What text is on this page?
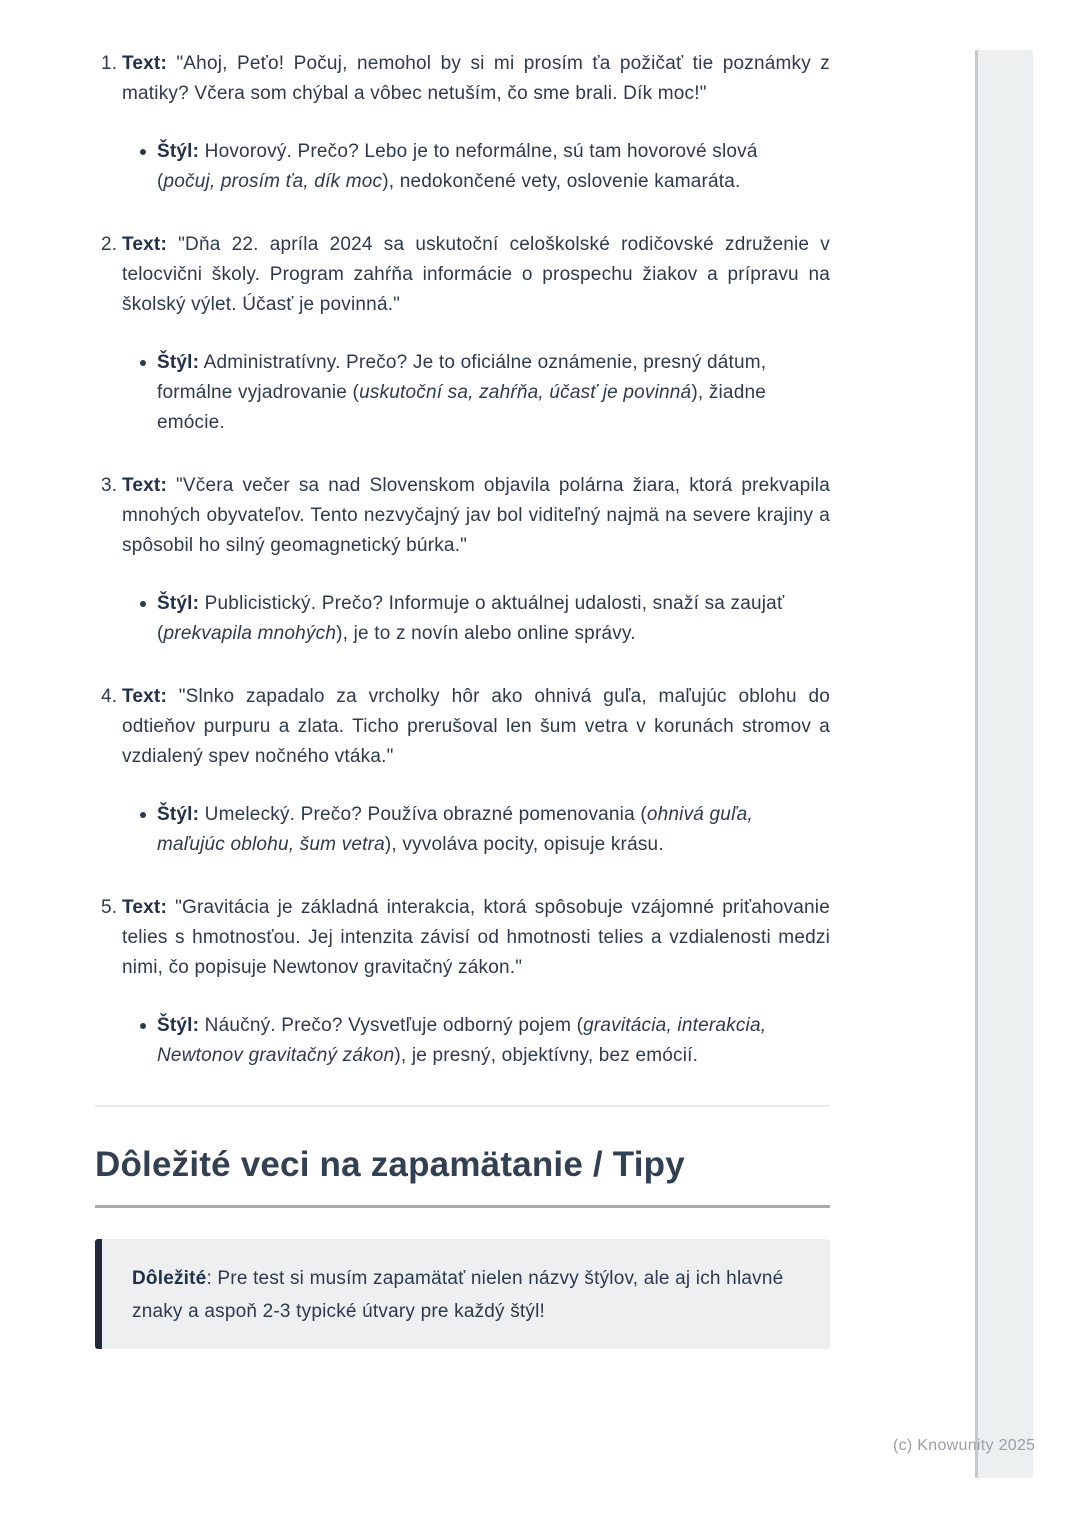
1. Text: "Ahoj, Peťo! Počuj, nemohol by si mi prosím ťa požičať tie poznámky z matiky? Včera som chýbal a vôbec netuším, čo sme brali. Dík moc!"

Štýl: Hovorový. Prečo? Lebo je to neformálne, sú tam hovorové slová (počuj, prosím ťa, dík moc), nedokončené vety, oslovenie kamaráta.

2. Text: "Dňa 22. apríla 2024 sa uskutoční celoškolské rodičovské združenie v telocvični školy. Program zahŕňa informácie o prospechu žiakov a prípravu na školský výlet. Účasť je povinná."

Štýl: Administratívny. Prečo? Je to oficiálne oznámenie, presný dátum, formálne vyjadrovanie (uskutoční sa, zahŕňa, účasť je povinná), žiadne emócie.

3. Text: "Včera večer sa nad Slovenskom objavila polárna žiara, ktorá prekvapila mnohých obyvateľov. Tento nezvyčajný jav bol viditeľný najmä na severe krajiny a spôsobil ho silný geomagnetický búrka."

Štýl: Publicistický. Prečo? Informuje o aktuálnej udalosti, snaží sa zaujať (prekvapila mnohých), je to z novín alebo online správy.

4. Text: "Slnko zapadalo za vrcholky hôr ako ohnivá guľa, maľujúc oblohu do odtieňov purpuru a zlata. Ticho prerušoval len šum vetra v korunách stromov a vzdialený spev nočného vtáka."

Štýl: Umelecký. Prečo? Používa obrazné pomenovania (ohnivá guľa, maľujúc oblohu, šum vetra), vyvoláva pocity, opisuje krásu.

5. Text: "Gravitácia je základná interakcia, ktorá spôsobuje vzájomné priťahovanie telies s hmotnosťou. Jej intenzita závisí od hmotnosti telies a vzdialenosti medzi nimi, čo popisuje Newtonov gravitačný zákon."

Štýl: Náučný. Prečo? Vysvetľuje odborný pojem (gravitácia, interakcia, Newtonov gravitačný zákon), je presný, objektívny, bez emócií.
Dôležité veci na zapamätanie / Tipy
Dôležité: Pre test si musím zapamätať nielen názvy štýlov, ale aj ich hlavné znaky a aspoň 2-3 typické útvary pre každý štýl!
(c) Knowunity 2025
